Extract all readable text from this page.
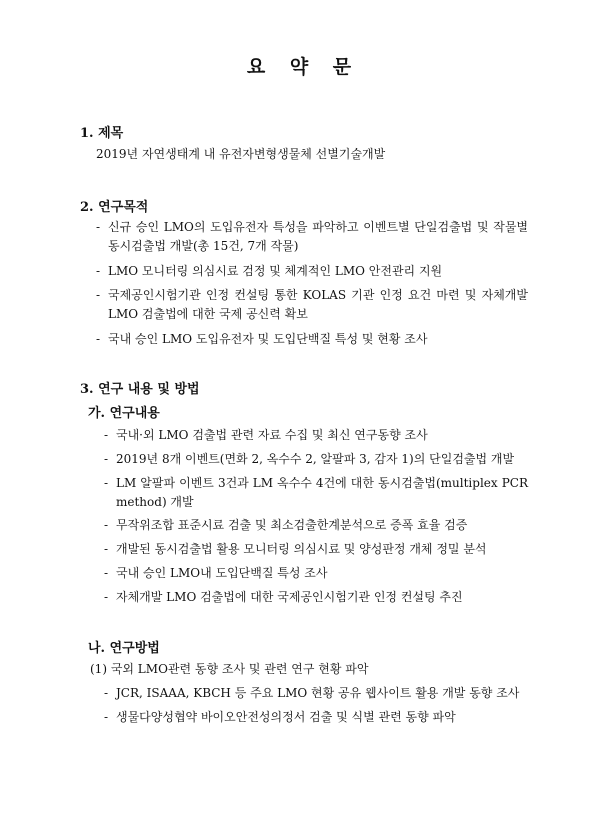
요 약 문
1. 제목
2019년 자연생태계 내 유전자변형생물체 선별기술개발
2. 연구목적
- 신규 승인 LMO의 도입유전자 특성을 파악하고 이벤트별 단일검출법 및 작물별 동시검출법 개발(총 15건, 7개 작물)
- LMO 모니터링 의심시료 검정 및 체계적인 LMO 안전관리 지원
- 국제공인시험기관 인정 컨설팅 통한 KOLAS 기관 인정 요건 마련 및 자체개발 LMO 검출법에 대한 국제 공신력 확보
- 국내 승인 LMO 도입유전자 및 도입단백질 특성 및 현황 조사
3. 연구 내용 및 방법
가. 연구내용
- 국내·외 LMO 검출법 관련 자료 수집 및 최신 연구동향 조사
- 2019년 8개 이벤트(면화 2, 옥수수 2, 알팔파 3, 감자 1)의 단일검출법 개발
- LM 알팔파 이벤트 3건과 LM 옥수수 4건에 대한 동시검출법(multiplex PCR method) 개발
- 무작위조합 표준시료 검출 및 최소검출한계분석으로 증폭 효율 검증
- 개발된 동시검출법 활용 모니터링 의심시료 및 양성판정 개체 정밀 분석
- 국내 승인 LMO내 도입단백질 특성 조사
- 자체개발 LMO 검출법에 대한 국제공인시험기관 인정 컨설팅 추진
나. 연구방법
(1) 국외 LMO관련 동향 조사 및 관련 연구 현황 파악
- JCR, ISAAA, KBCH 등 주요 LMO 현황 공유 웹사이트 활용 개발 동향 조사
- 생물다양성협약 바이오안전성의정서 검출 및 식별 관련 동향 파악
